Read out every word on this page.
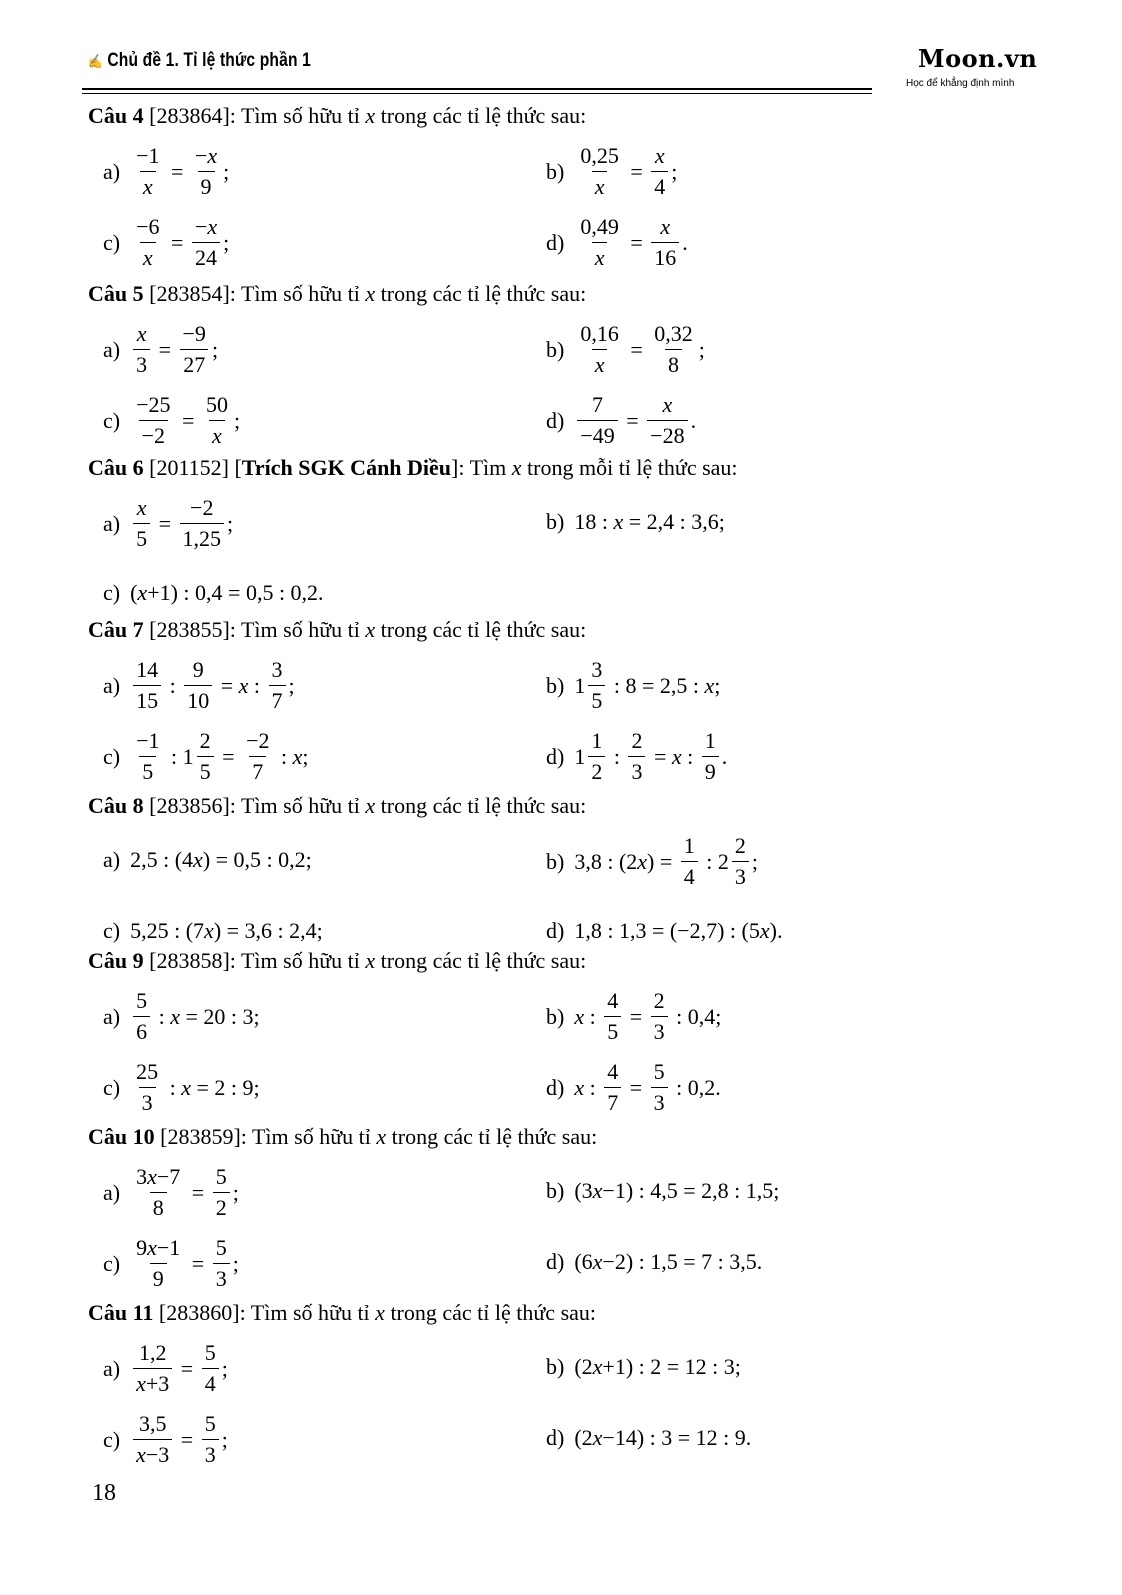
✍ Chủ đề 1. Tỉ lệ thức phần 1	Moon.vn
Học để khẳng định mình
Câu 4 [283864]: Tìm số hữu tỉ x trong các tỉ lệ thức sau:
$a) \frac{-1}{x} = \frac{-x}{9}$ ;	$b) \frac{0,25}{x} = \frac{x}{4}$ ;
$c) \frac{-6}{x} = \frac{-x}{24}$ ;	$d) \frac{0,49}{x} = \frac{x}{16}$ .
Câu 5 [283854]: Tìm số hữu tỉ x trong các tỉ lệ thức sau:
$a) \frac{x}{3} = \frac{-9}{27}$ ;	$b) \frac{0,16}{x} = \frac{0,32}{8}$ ;
$c) \frac{-25}{-2} = \frac{50}{x}$ ;	$d) \frac{7}{-49} = \frac{x}{-28}$ .
Câu 6 [201152] [Trích SGK Cánh Diều]: Tìm x trong mỗi tỉ lệ thức sau:
$a) \frac{x}{5} = \frac{-2}{1,25}$ ;	b) 18 : x = 2,4 : 3,6;
c) (x+1) : 0,4 = 0,5 : 0,2.
Câu 7 [283855]: Tìm số hữu tỉ x trong các tỉ lệ thức sau:
$a) \frac{14}{15}$ : $\frac{9}{10} = x$ : $\frac{3}{7}$ ;	b) $1 \frac{3}{5}$ : 8 = 2,5 : x;
$c) \frac{-1}{5}$ : $1 \frac{2}{5} = \frac{-2}{7}$ : x;	d) $1 \frac{1}{2}$ : $\frac{2}{3} = x$ : $\frac{1}{9}$ .
Câu 8 [283856]: Tìm số hữu tỉ x trong các tỉ lệ thức sau:
a) 2,5 : (4x) = 0,5 : 0,2;	b) 3,8 : $(2x) = \frac{1}{4}$ : $2 \frac{2}{3}$ ;
c) 5,25 : (7x) = 3,6 : 2,4;	d) 1,8 : 1,3 = (−2,7) : (5x).
Câu 9 [283858]: Tìm số hữu tỉ x trong các tỉ lệ thức sau:
$a) \frac{5}{6}$ : x = 20 : 3;	b) x : $\frac{4}{5} = \frac{2}{3}$ : 0,4;
$c) \frac{25}{3}$ : x = 2 : 9;	d) x : $\frac{4}{7} = \frac{5}{3}$ : 0,2.
Câu 10 [283859]: Tìm số hữu tỉ x trong các tỉ lệ thức sau:
$a) \frac{3x-7}{8} = \frac{5}{2}$ ;	b) (3x−1) : 4,5 = 2,8 : 1,5;
$c) \frac{9x-1}{9} = \frac{5}{3}$ ;	d) (6x−2) : 1,5 = 7 : 3,5.
Câu 11 [283860]: Tìm số hữu tỉ x trong các tỉ lệ thức sau:
$a) \frac{1,2}{x+3} = \frac{5}{4}$ ;	b) (2x+1) : 2 = 12 : 3;
$c) \frac{3,5}{x-3} = \frac{5}{3}$ ;	d) (2x−14) : 3 = 12 : 9.
18
